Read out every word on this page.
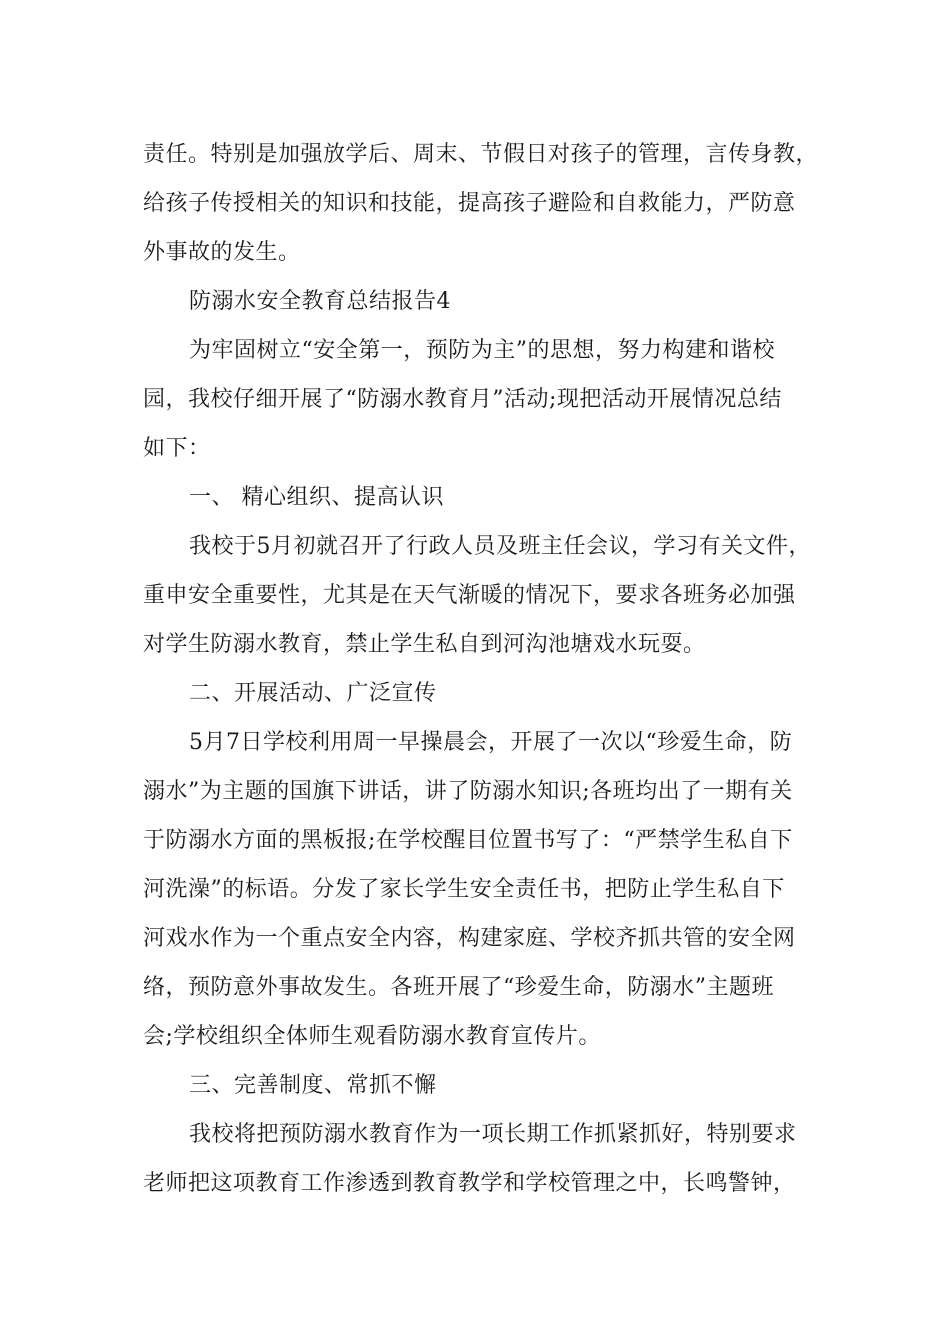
责任。特别是加强放学后、周末、节假日对孩子的管理，言传身教，
给孩子传授相关的知识和技能，提高孩子避险和自救能力，严防意
外事故的发生。
防溺水安全教育总结报告4
为牢固树立“安全第一，预防为主”的思想，努力构建和谐校
园，我校仔细开展了“防溺水教育月”活动;现把活动开展情况总结
如下：
一、 精心组织、提高认识
我校于5月初就召开了行政人员及班主任会议，学习有关文件，
重申安全重要性，尤其是在天气渐暖的情况下，要求各班务必加强
对学生防溺水教育，禁止学生私自到河沟池塘戏水玩耍。
二、开展活动、广泛宣传
5月7日学校利用周一早操晨会，开展了一次以“珍爱生命，防
溺水”为主题的国旗下讲话，讲了防溺水知识;各班均出了一期有关
于防溺水方面的黑板报;在学校醒目位置书写了：“严禁学生私自下
河洗澡”的标语。分发了家长学生安全责任书，把防止学生私自下
河戏水作为一个重点安全内容，构建家庭、学校齐抓共管的安全网
络，预防意外事故发生。各班开展了“珍爱生命，防溺水”主题班
会;学校组织全体师生观看防溺水教育宣传片。
三、完善制度、常抓不懈
我校将把预防溺水教育作为一项长期工作抓紧抓好，特别要求
老师把这项教育工作渗透到教育教学和学校管理之中，长鸣警钟，
